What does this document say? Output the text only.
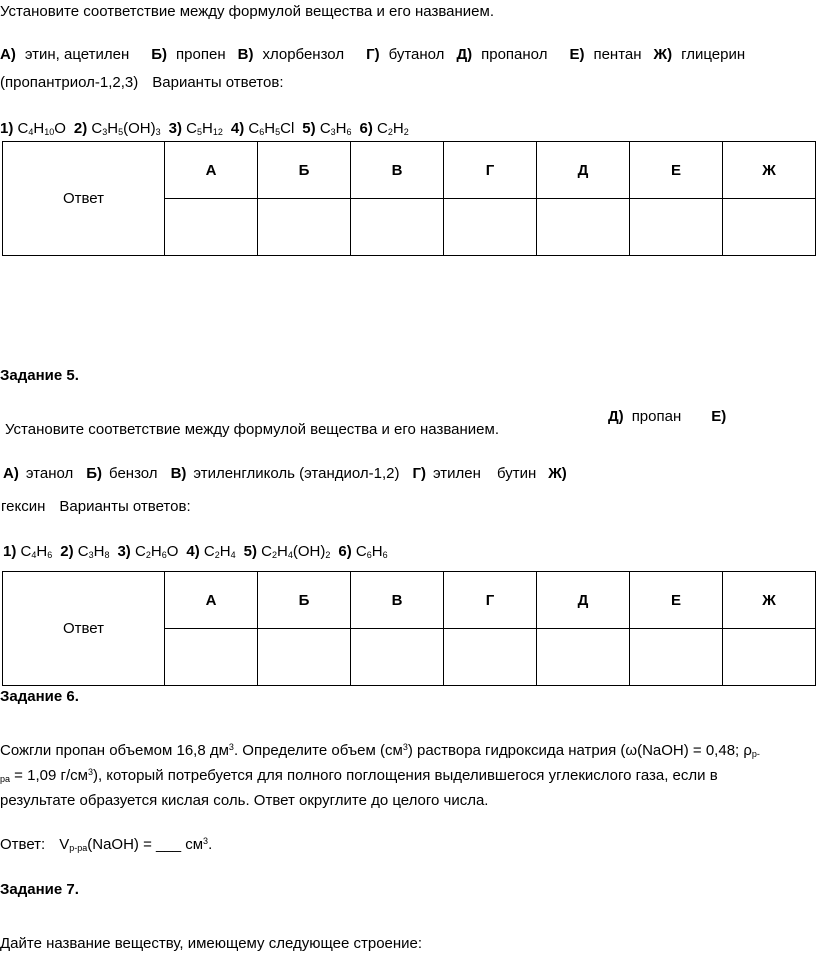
Установите соответствие между формулой вещества и его названием.
А) этин, ацетилен Б) пропен В) хлорбензол Г) бутанол Д) пропанол Е) пентан Ж) глицерин
(пропантриол-1,2,3) Варианты ответов:
1) $C_4H_{10}O$ 2) $C_3H_5(OH)_3$ 3) $C_5H_{12}$ 4) $C_6H_5Cl$ 5) $C_3H_6$ 6) $C_2H_2$
Ответ	А	Б	В	Г	Д	Е	Ж

Задание 5.
Д) пропан Е)
Установите соответствие между формулой вещества и его названием.
А) этанол Б) бензол В) этиленгликоль (этандиол-1,2) Г) этилен бутин Ж)
гексин Варианты ответов:
1) $C_4H_6$ 2) $C_3H_8$ 3) $C_2H_6O$ 4) $C_2H_4$ 5) $C_2H_4(OH)_2$ 6) $C_6H_6$
Ответ	А	Б	В	Г	Д	Е	Ж

Задание 6.
Сожгли пропан объемом 16,8 $дм^3$. Определите объем $(см^3)$ раствора гидроксида натрия (ω(NaOH) = 0,48; $\rho_{р-}$
$_{ра}$ = 1,09 $г/см^3$), который потребуется для полного поглощения выделившегося углекислого газа, если в
результате образуется кислая соль. Ответ округлите до целого числа.
Ответ: $V_{р-ра}(NaOH)$ = ___ $см^3$.
Задание 7.
Дайте название веществу, имеющему следующее строение:
